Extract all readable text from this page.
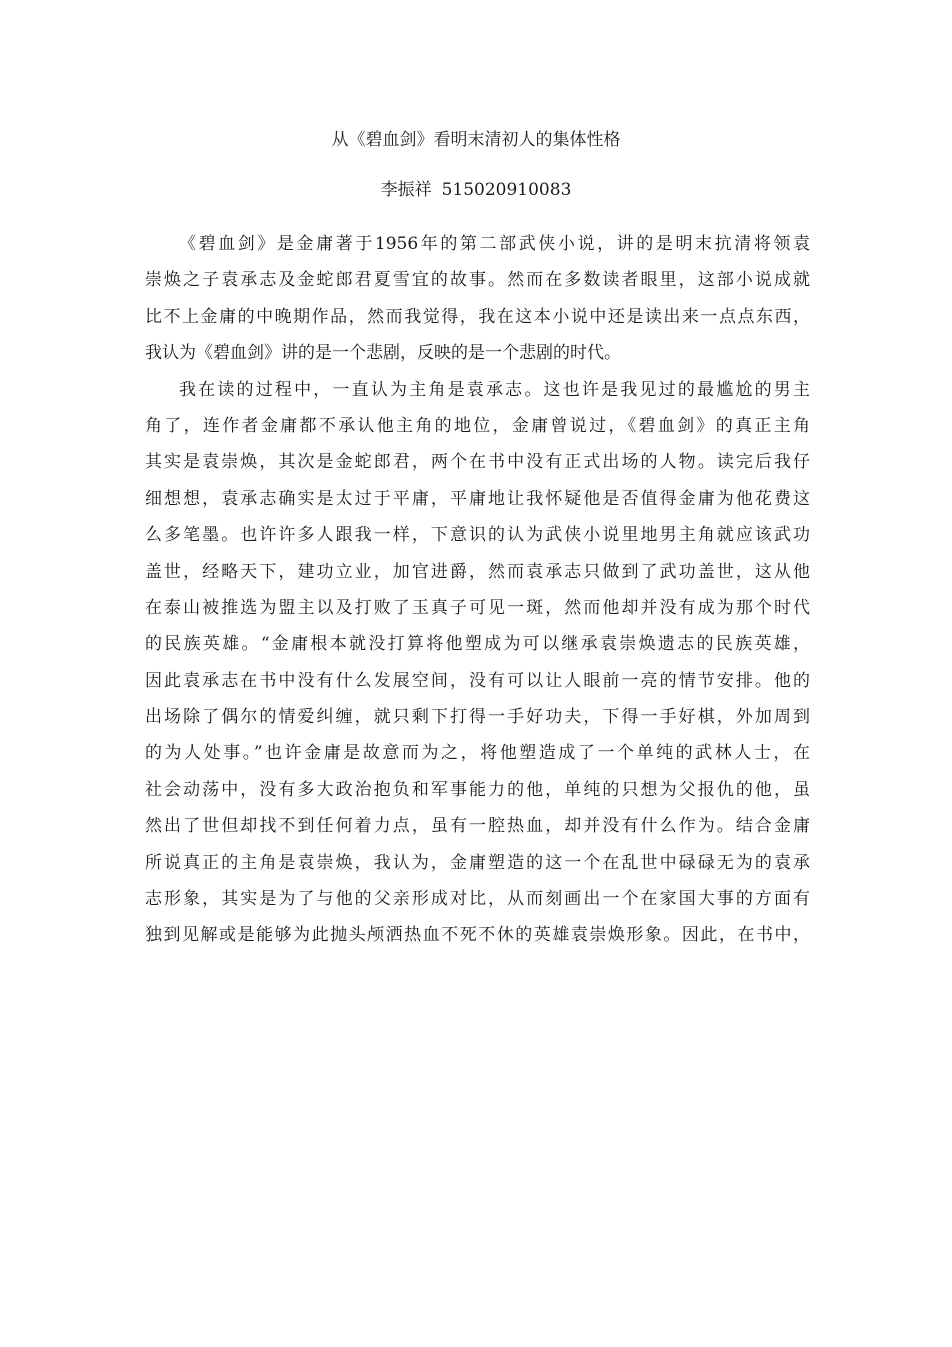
从《碧血剑》看明末清初人的集体性格
李振祥 515020910083

《碧血剑》是金庸著于1956年的第二部武侠小说，讲的是明末抗清将领袁
崇焕之子袁承志及金蛇郎君夏雪宜的故事。然而在多数读者眼里，这部小说成就
比不上金庸的中晚期作品，然而我觉得，我在这本小说中还是读出来一点点东西，
我认为《碧血剑》讲的是一个悲剧，反映的是一个悲剧的时代。

我在读的过程中，一直认为主角是袁承志。这也许是我见过的最尴尬的男主
角了，连作者金庸都不承认他主角的地位，金庸曾说过，《碧血剑》的真正主角
其实是袁崇焕，其次是金蛇郎君，两个在书中没有正式出场的人物。读完后我仔
细想想，袁承志确实是太过于平庸，平庸地让我怀疑他是否值得金庸为他花费这
么多笔墨。也许许多人跟我一样，下意识的认为武侠小说里地男主角就应该武功
盖世，经略天下，建功立业，加官进爵，然而袁承志只做到了武功盖世，这从他
在泰山被推选为盟主以及打败了玉真子可见一斑，然而他却并没有成为那个时代
的民族英雄。“金庸根本就没打算将他塑成为可以继承袁崇焕遗志的民族英雄，
因此袁承志在书中没有什么发展空间，没有可以让人眼前一亮的情节安排。他的
出场除了偶尔的情爱纠缠，就只剩下打得一手好功夫，下得一手好棋，外加周到
的为人处事。”也许金庸是故意而为之，将他塑造成了一个单纯的武林人士，在
社会动荡中，没有多大政治抱负和军事能力的他，单纯的只想为父报仇的他，虽
然出了世但却找不到任何着力点，虽有一腔热血，却并没有什么作为。结合金庸
所说真正的主角是袁崇焕，我认为，金庸塑造的这一个在乱世中碌碌无为的袁承
志形象，其实是为了与他的父亲形成对比，从而刻画出一个在家国大事的方面有
独到见解或是能够为此抛头颅洒热血不死不休的英雄袁崇焕形象。因此，在书中，
